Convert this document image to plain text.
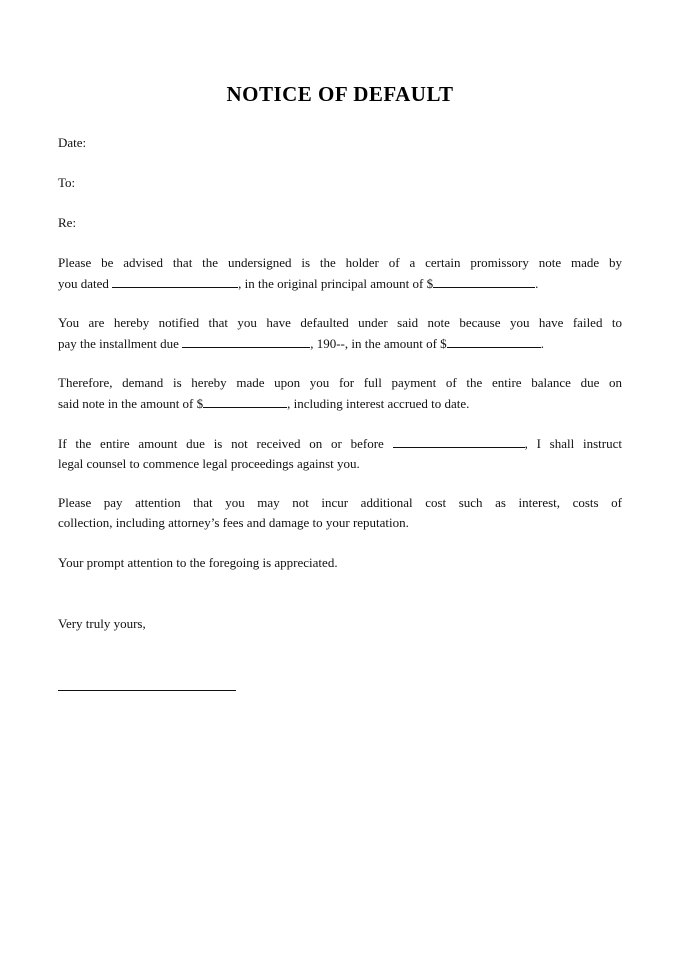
NOTICE OF DEFAULT
Date:
To:
Re:
Please be advised that the undersigned is the holder of a certain promissory note made by
you dated	, in the original principal amount of $	.
You are hereby notified that you have defaulted under said note because you have failed to
pay the installment due	, 190--, in the amount of $	.
Therefore, demand is hereby made upon you for full payment of the entire balance due on
said note in the amount of $	, including interest accrued to date.
If the entire amount due is not received on or before	, I shall instruct
legal counsel to commence legal proceedings against you.
Please pay attention that you may not incur additional cost such as interest, costs of
collection, including attorney’s fees and damage to your reputation.
Your prompt attention to the foregoing is appreciated.
Very truly yours,
